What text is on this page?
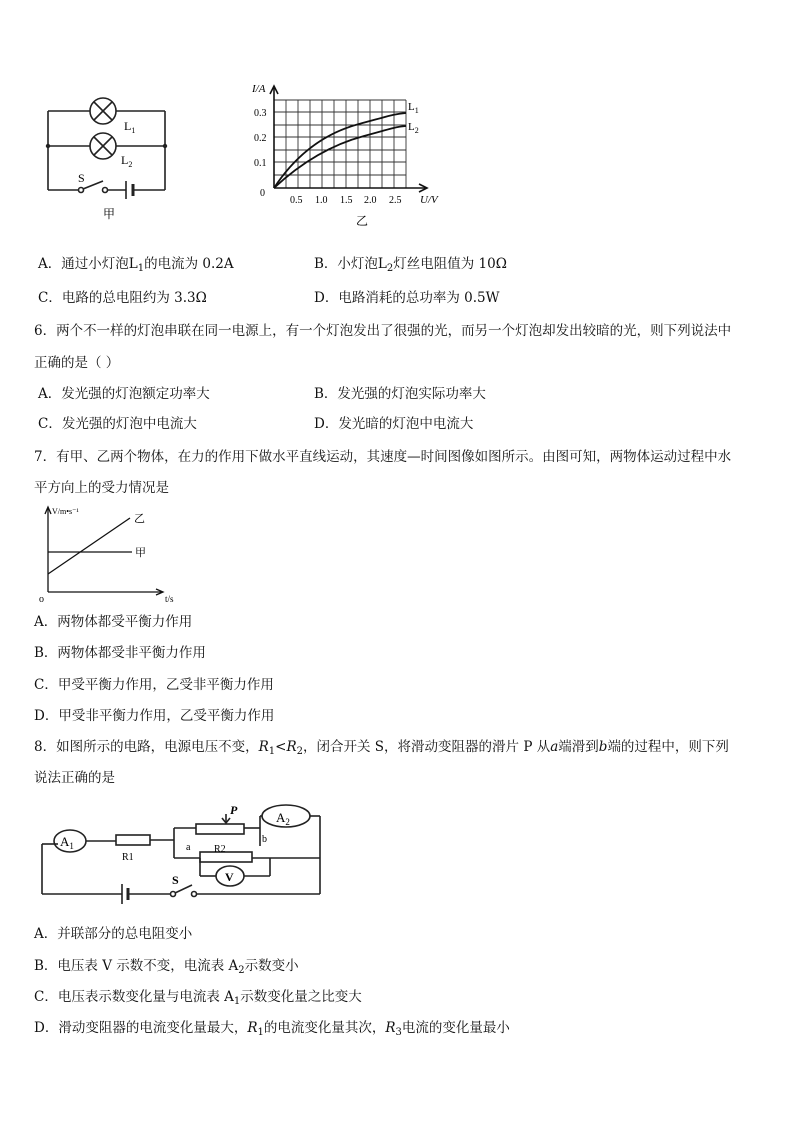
$L_1$
$L_2$
S
甲
I/A
0.3
0.2
0.1
0
0.5 1.0 1.5 2.0 2.5 U/V
$L_1$
$L_2$
乙
A．通过小灯泡$L_1$的电流为 0.2A	B．小灯泡$L_2$灯丝电阻值为 10Ω
C．电路的总电阻约为 3.3Ω	D．电路消耗的总功率为 0.5W
6．两个不一样的灯泡串联在同一电源上，有一个灯泡发出了很强的光，而另一个灯泡却发出较暗的光，则下列说法中
正确的是（ ）
A．发光强的灯泡额定功率大	B．发光强的灯泡实际功率大
C．发光强的灯泡中电流大	D．发光暗的灯泡中电流大
7．有甲、乙两个物体，在力的作用下做水平直线运动，其速度—时间图像如图所示。由图可知，两物体运动过程中水
平方向上的受力情况是
V/m•s⁻¹
乙
甲
o	t/s
A．两物体都受平衡力作用
B．两物体都受非平衡力作用
C．甲受平衡力作用，乙受非平衡力作用
D．甲受非平衡力作用，乙受平衡力作用
8．如图所示的电路，电源电压不变，$R_1<R_2$，闭合开关 S，将滑动变阻器的滑片 P 从a端滑到b端的过程中，则下列
说法正确的是
$A_1$
$A_2$
R1
R2
P
a
b
V
S
A．并联部分的总电阻变小
B．电压表 V 示数不变，电流表 $A_2$示数变小
C．电压表示数变化量与电流表 $A_1$示数变化量之比变大
D．滑动变阻器的电流变化量最大，$R_1$的电流变化量其次，$R_3$电流的变化量最小
